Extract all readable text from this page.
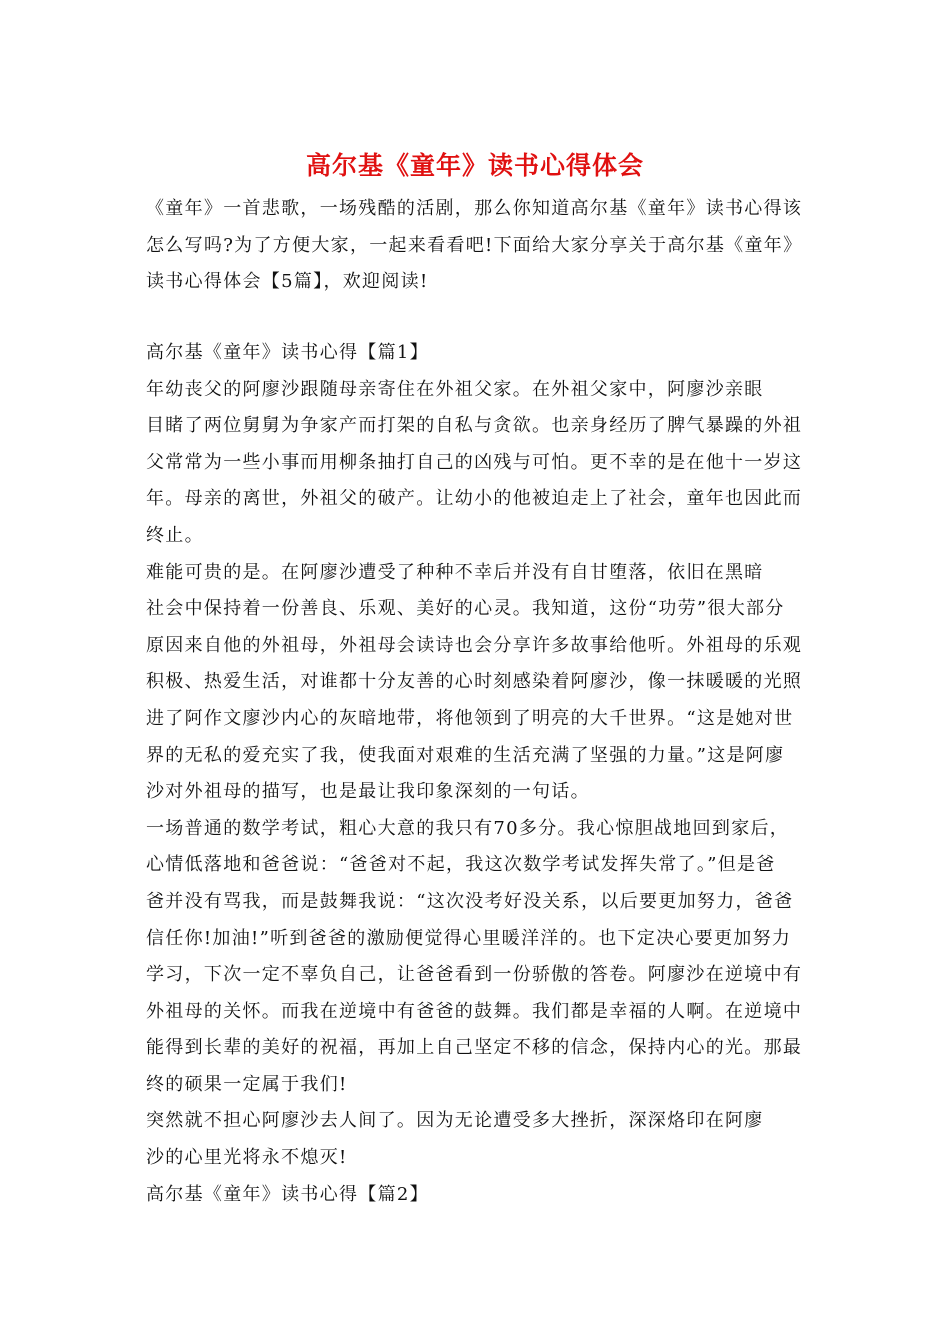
高尔基《童年》读书心得体会
《童年》一首悲歌，一场残酷的活剧，那么你知道高尔基《童年》读书心得该
怎么写吗?为了方便大家，一起来看看吧!下面给大家分享关于高尔基《童年》
读书心得体会【5篇】，欢迎阅读!
高尔基《童年》读书心得【篇1】
年幼丧父的阿廖沙跟随母亲寄住在外祖父家。在外祖父家中，阿廖沙亲眼
目睹了两位舅舅为争家产而打架的自私与贪欲。也亲身经历了脾气暴躁的外祖
父常常为一些小事而用柳条抽打自己的凶残与可怕。更不幸的是在他十一岁这
年。母亲的离世，外祖父的破产。让幼小的他被迫走上了社会，童年也因此而
终止。
难能可贵的是。在阿廖沙遭受了种种不幸后并没有自甘堕落，依旧在黑暗
社会中保持着一份善良、乐观、美好的心灵。我知道，这份“功劳”很大部分
原因来自他的外祖母，外祖母会读诗也会分享许多故事给他听。外祖母的乐观
积极、热爱生活，对谁都十分友善的心时刻感染着阿廖沙，像一抹暖暖的光照
进了阿作文廖沙内心的灰暗地带，将他领到了明亮的大千世界。“这是她对世
界的无私的爱充实了我，使我面对艰难的生活充满了坚强的力量。”这是阿廖
沙对外祖母的描写，也是最让我印象深刻的一句话。
一场普通的数学考试，粗心大意的我只有70多分。我心惊胆战地回到家后，
心情低落地和爸爸说：“爸爸对不起，我这次数学考试发挥失常了。”但是爸
爸并没有骂我，而是鼓舞我说：“这次没考好没关系，以后要更加努力，爸爸
信任你!加油!”听到爸爸的激励便觉得心里暖洋洋的。也下定决心要更加努力
学习，下次一定不辜负自己，让爸爸看到一份骄傲的答卷。阿廖沙在逆境中有
外祖母的关怀。而我在逆境中有爸爸的鼓舞。我们都是幸福的人啊。在逆境中
能得到长辈的美好的祝福，再加上自己坚定不移的信念，保持内心的光。那最
终的硕果一定属于我们!
突然就不担心阿廖沙去人间了。因为无论遭受多大挫折，深深烙印在阿廖
沙的心里光将永不熄灭!
高尔基《童年》读书心得【篇2】
